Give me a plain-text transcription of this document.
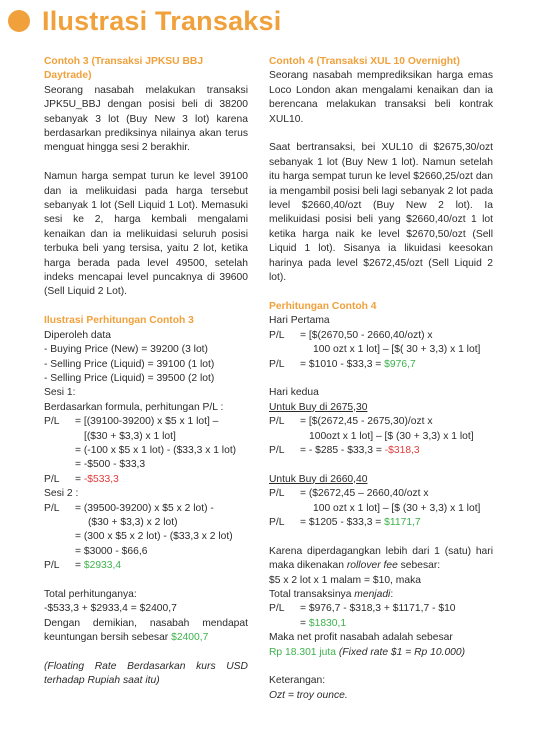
Ilustrasi Transaksi
Contoh 3 (Transaksi JPKSU BBJ Daytrade)
Seorang nasabah melakukan transaksi JPK5U_BBJ dengan posisi beli di 38200 sebanyak 3 lot (Buy New 3 lot) karena berdasarkan prediksinya nilainya akan terus menguat hingga sesi 2 berakhir.
Namun harga sempat turun ke level 39100 dan ia melikuidasi pada harga tersebut sebanyak 1 lot (Sell Liquid 1 Lot). Memasuki sesi ke 2, harga kembali mengalami kenaikan dan ia melikuidasi seluruh posisi terbuka beli yang tersisa, yaitu 2 lot, ketika harga berada pada level 49500, setelah indeks mencapai level puncaknya di 39600 (Sell Liquid 2 Lot).
Ilustrasi Perhitungan Contoh 3
Diperoleh data
- Buying Price (New) = 39200 (3 lot)
- Selling Price (Liquid) = 39100 (1 lot)
- Selling Price (Liquid) = 39500 (2 lot)
Sesi 1:
Berdasarkan formula, perhitungan P/L :
P/L	= [(39100-39200) x $5 x 1 lot] –
[($30 + $3,3) x 1 lot]
= (-100 x $5 x 1 lot) - ($33,3 x 1 lot)
= -$500 - $33,3
P/L	= -$533,3
Sesi 2 :
P/L	= (39500-39200) x $5 x 2 lot) -
($30 + $3,3) x 2 lot)
= (300 x $5 x 2 lot) - ($33,3 x 2 lot)
= $3000 - $66,6
P/L	= $2933,4
Total perhitunganya:
-$533,3 + $2933,4 = $2400,7
Dengan demikian, nasabah mendapat keuntungan bersih sebesar $2400,7
(Floating Rate Berdasarkan kurs USD terhadap Rupiah saat itu)
Contoh 4 (Transaksi XUL 10 Overnight)
Seorang nasabah memprediksikan harga emas Loco London akan mengalami kenaikan dan ia berencana melakukan transaksi beli kontrak XUL10.
Saat bertransaksi, bei XUL10 di $2675,30/ozt sebanyak 1 lot (Buy New 1 lot). Namun setelah itu harga sempat turun ke level $2660,25/ozt dan ia mengambil posisi beli lagi sebanyak 2 lot pada level $2660,40/ozt (Buy New 2 lot). Ia melikuidasi posisi beli yang $2660,40/ozt 1 lot ketika harga naik ke level $2670,50/ozt (Sell Liquid 1 lot). Sisanya ia likuidasi keesokan harinya pada level $2672,45/ozt (Sell Liquid 2 lot).
Perhitungan Contoh 4
Hari Pertama
P/L	= [$(2670,50 - 2660,40/ozt) x
100 ozt x 1 lot] – [$( 30 + 3,3) x 1 lot]
P/L	= $1010 - $33,3 = $976,7
Hari kedua
Untuk Buy di 2675,30
P/L	= [$(2672,45 - 2675,30)/ozt x
100ozt x 1 lot] – [$ (30 + 3,3) x 1 lot]
P/L	= - $285 - $33,3 = -$318,3
Untuk Buy di 2660,40
P/L	= ($2672,45 – 2660,40/ozt x
100 ozt x 1 lot] – [$ (30 + 3,3) x 1 lot]
P/L	= $1205 - $33,3 = $1171,7
Karena diperdagangkan lebih dari 1 (satu) hari maka dikenakan rollover fee sebesar:
$5 x 2 lot x 1 malam = $10, maka
Total transaksinya menjadi:
P/L	= $976,7 - $318,3 + $1171,7 - $10
= $1830,1
Maka net profit nasabah adalah sebesar
Rp 18.301 juta (Fixed rate $1 = Rp 10.000)
Keterangan:
Ozt = troy ounce.
